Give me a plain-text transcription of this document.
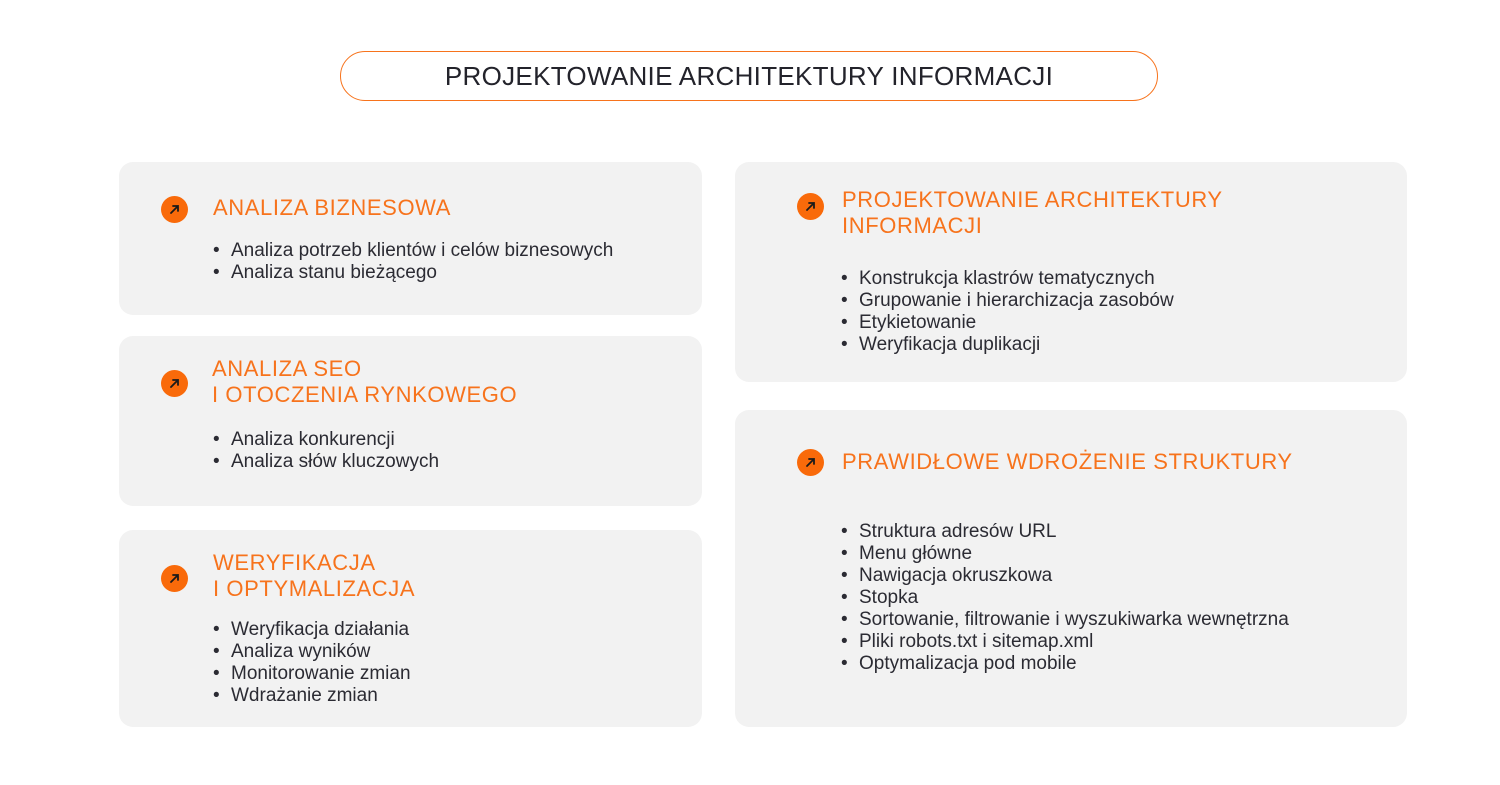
PROJEKTOWANIE ARCHITEKTURY INFORMACJI
ANALIZA BIZNESOWA
• Analiza potrzeb klientów i celów biznesowych
• Analiza stanu bieżącego
ANALIZA SEO
I OTOCZENIA RYNKOWEGO
• Analiza konkurencji
• Analiza słów kluczowych
WERYFIKACJA
I OPTYMALIZACJA
• Weryfikacja działania
• Analiza wyników
• Monitorowanie zmian
• Wdrażanie zmian
PROJEKTOWANIE ARCHITEKTURY
INFORMACJI
• Konstrukcja klastrów tematycznych
• Grupowanie i hierarchizacja zasobów
• Etykietowanie
• Weryfikacja duplikacji
PRAWIDŁOWE WDROŻENIE STRUKTURY
• Struktura adresów URL
• Menu główne
• Nawigacja okruszkowa
• Stopka
• Sortowanie, filtrowanie i wyszukiwarka wewnętrzna
• Pliki robots.txt i sitemap.xml
• Optymalizacja pod mobile
